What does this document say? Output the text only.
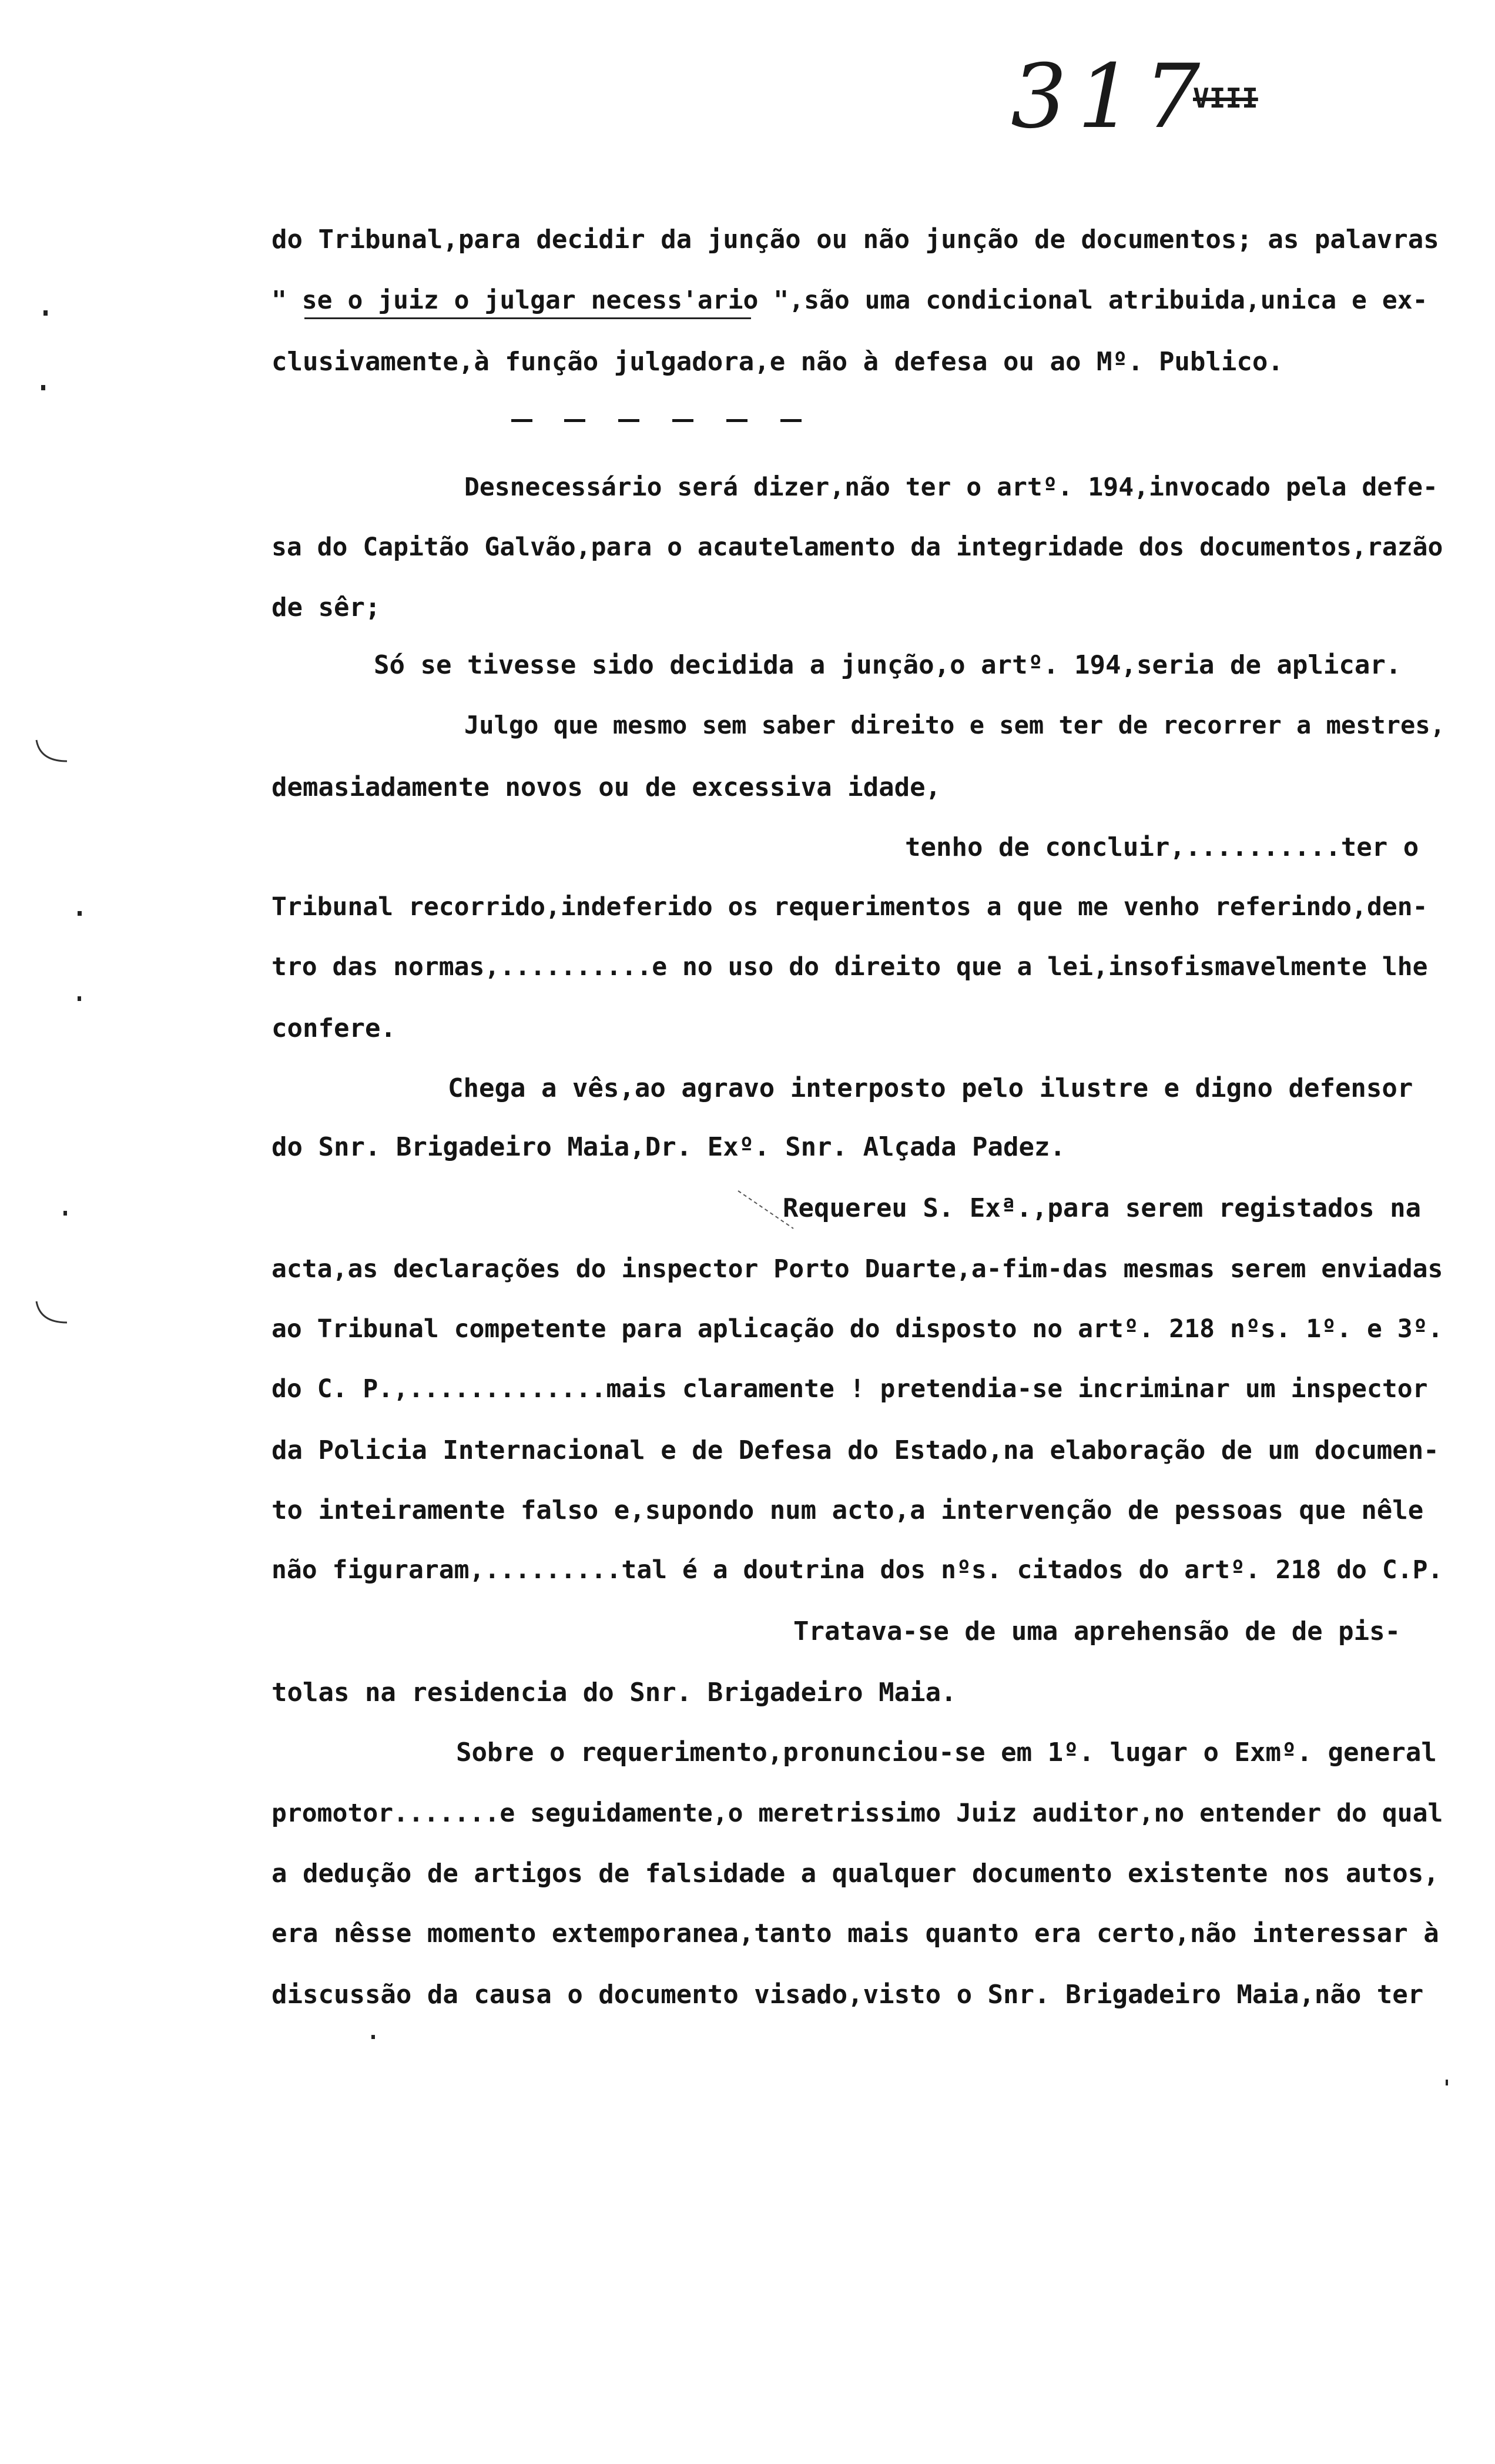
317
VIII
do Tribunal,para decidir da junção ou não junção de documentos; as palavras
" se o juiz o julgar necess'ario ",são uma condicional atribuida,unica e ex-
clusivamente,à função julgadora,e não à defesa ou ao Mº. Publico.
Desnecessário será dizer,não ter o artº. 194,invocado pela defe-
sa do Capitão Galvão,para o acautelamento da integridade dos documentos,razão
de sêr;
Só se tivesse sido decidida a junção,o artº. 194,seria de aplicar.
Julgo que mesmo sem saber direito e sem ter de recorrer a mestres,
demasiadamente novos ou de excessiva idade,
tenho de concluir,..........ter o
Tribunal recorrido,indeferido os requerimentos a que me venho referindo,den-
tro das normas,..........e no uso do direito que a lei,insofismavelmente lhe
confere.
Chega a vês,ao agravo interposto pelo ilustre e digno defensor
do Snr. Brigadeiro Maia,Dr. Exº. Snr. Alçada Padez.
Requereu S. Exª.,para serem registados na
acta,as declarações do inspector Porto Duarte,a-fim-das mesmas serem enviadas
ao Tribunal competente para aplicação do disposto no artº. 218 nºs. 1º. e 3º.
do C. P.,.............mais claramente ! pretendia-se incriminar um inspector
da Policia Internacional e de Defesa do Estado,na elaboração de um documen-
to inteiramente falso e,supondo num acto,a intervenção de pessoas que nêle
não figuraram,.........tal é a doutrina dos nºs. citados do artº. 218 do C.P.
Tratava-se de uma aprehensão de de pis-
tolas na residencia do Snr. Brigadeiro Maia.
Sobre o requerimento,pronunciou-se em 1º. lugar o Exmº. general
promotor.......e seguidamente,o meretrissimo Juiz auditor,no entender do qual
a dedução de artigos de falsidade a qualquer documento existente nos autos,
era nêsse momento extemporanea,tanto mais quanto era certo,não interessar à
discussão da causa o documento visado,visto o Snr. Brigadeiro Maia,não ter
